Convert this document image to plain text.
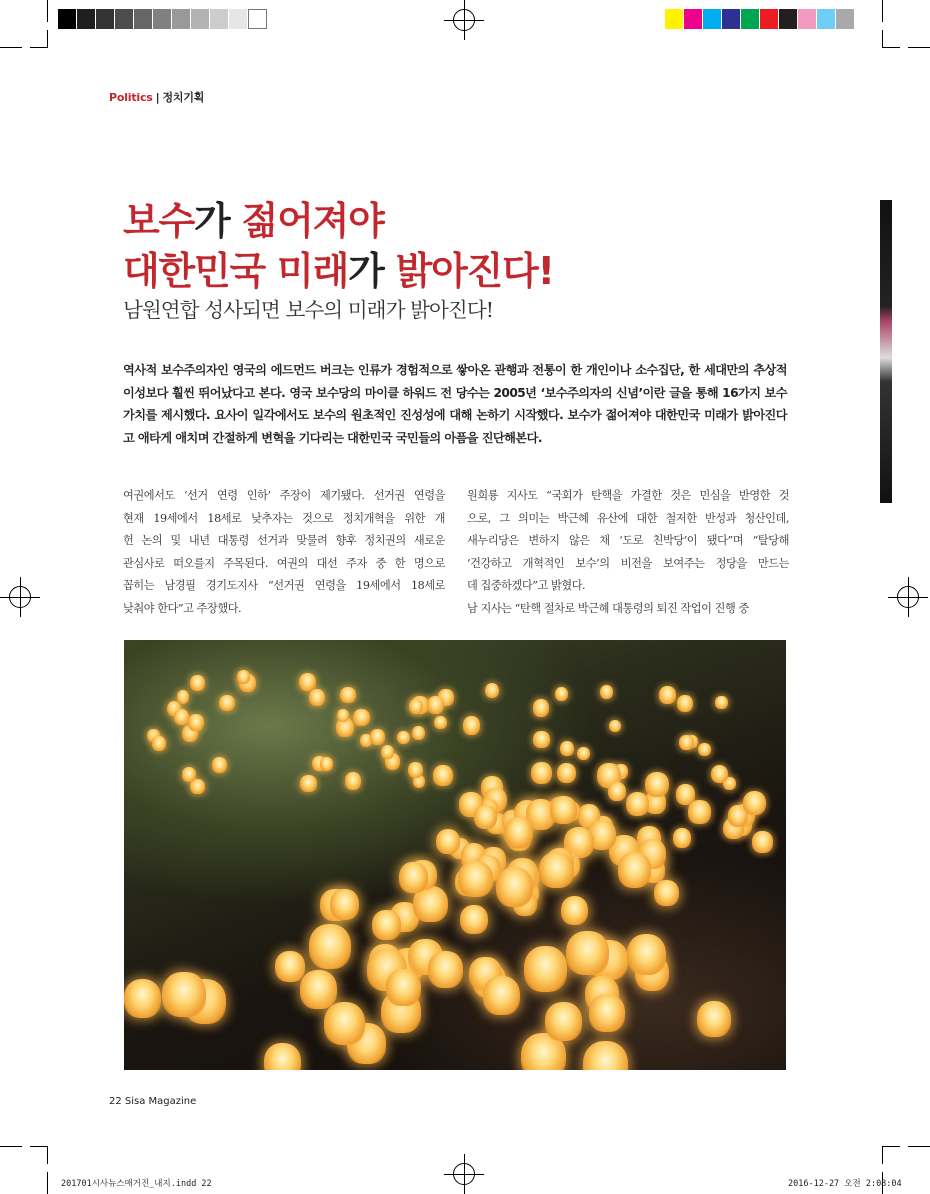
Politics | 정치기획
보수가 젊어져야
대한민국 미래가 밝아진다!
남원연합 성사되면 보수의 미래가 밝아진다!
역사적 보수주의자인 영국의 에드먼드 버크는 인류가 경험적으로 쌓아온 관행과 전통이 한 개인이나 소수집단, 한 세대만의 추상적 이성보다 훨씬 뛰어났다고 본다. 영국 보수당의 마이클 하워드 전 당수는 2005년 ‘보수주의자의 신념’이란 글을 통해 16가지 보수가치를 제시했다. 요사이 일각에서도 보수의 원초적인 진성성에 대해 논하기 시작했다. 보수가 젊어져야 대한민국 미래가 밝아진다고 애타게 애치며 간절하게 변혁을 기다리는 대한민국 국민들의 아픔을 진단해본다.

여권에서도 ‘선거 연령 인하’ 주장이 제기됐다. 선거권 연령을

현재 19세에서 18세로 낮추자는 것으로 정치개혁을 위한 개

헌 논의 및 내년 대통령 선거과 맞물려 향후 정치권의 새로운

관심사로 떠오를지 주목된다. 여권의 대선 주자 중 한 명으로

꼽히는 남경필 경기도지사 “선거권 연령을 19세에서 18세로

낮춰야 한다”고 주장했다.

원희룡 지사도 “국회가 탄핵을 가결한 것은 민심을 반영한 것

으로, 그 의미는 박근혜 유산에 대한 철저한 반성과 청산인데,

새누리당은 변하지 않은 채 ‘도로 친박당’이 됐다”며 “탈당해

‘건강하고 개혁적인 보수’의 비전을 보여주는 정당을 만드는

데 집중하겠다”고 밝혔다.

남 지사는 “탄핵 절차로 박근혜 대통령의 퇴진 작업이 진행 중

22 Sisa Magazine
201701시사뉴스매거진_내지.indd 22	2016-12-27 오전 2:08:04
